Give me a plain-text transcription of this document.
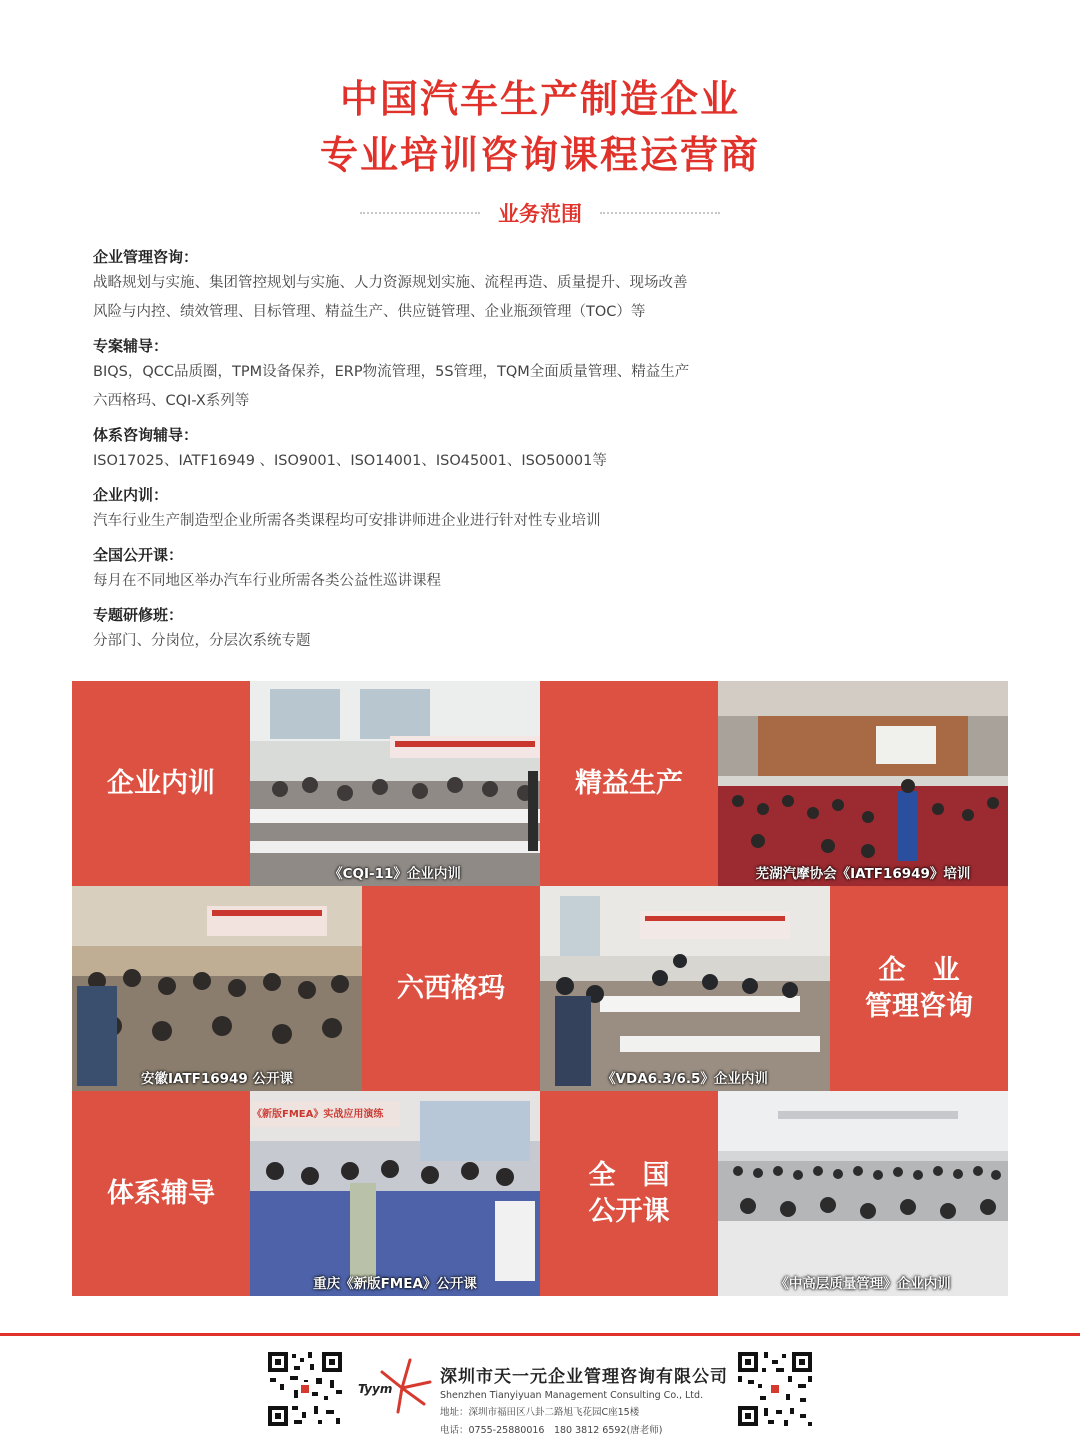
中国汽车生产制造企业
专业培训咨询课程运营商
业务范围
企业管理咨询：
战略规划与实施、集团管控规划与实施、人力资源规划实施、流程再造、质量提升、现场改善
风险与内控、绩效管理、目标管理、精益生产、供应链管理、企业瓶颈管理（TOC）等
专案辅导：
BIQS，QCC品质圈，TPM设备保养，ERP物流管理，5S管理，TQM全面质量管理、精益生产
六西格玛、CQI-X系列等
体系咨询辅导：
ISO17025、IATF16949 、ISO9001、ISO14001、ISO45001、ISO50001等
企业内训：
汽车行业生产制造型企业所需各类课程均可安排讲师进企业进行针对性专业培训
全国公开课：
每月在不同地区举办汽车行业所需各类公益性巡讲课程
专题研修班：
分部门、分岗位，分层次系统专题
企业内训
《CQI-11》企业内训
精益生产
芜湖汽摩协会《IATF16949》培训
安徽IATF16949 公开课
六西格玛
《VDA6.3/6.5》企业内训
企　业
管理咨询
体系辅导
《新版FMEA》实战应用演练
重庆《新版FMEA》公开课
全　国
公开课
《中高层质量管理》企业内训
Tyym
深圳市天一元企业管理咨询有限公司
Shenzhen Tianyiyuan Management Consulting Co., Ltd.
地址：深圳市福田区八卦二路旭飞花园C座15楼
电话：0755-25880016　180 3812 6592(唐老师)
